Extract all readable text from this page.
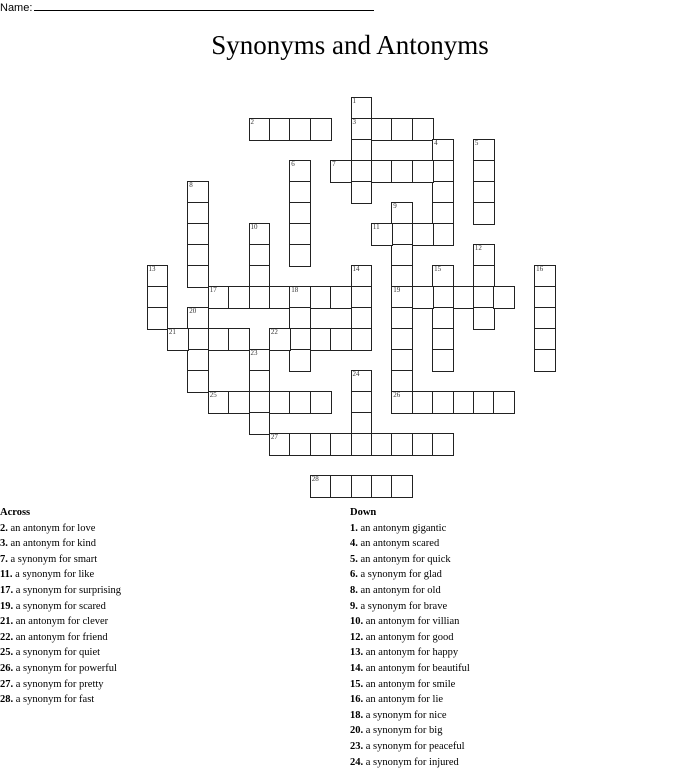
Name:
Synonyms and Antonyms
1
3
2
4	5
6	7
8
9
19
26
10	11
12
13	14	15	16
17	18
20
21	22
23
24
25
27
28
Across
2. an antonym for love
3. an antonym for kind
7. a synonym for smart
11. a synonym for like
17. a synonym for surprising
19. a synonym for scared
21. an antonym for clever
22. an antonym for friend
25. a synonym for quiet
26. a synonym for powerful
27. a synonym for pretty
28. a synonym for fast
Down
1. an antonym gigantic
4. an antonym scared
5. an antonym for quick
6. a synonym for glad
8. an antonym for old
9. a synonym for brave
10. an antonym for villian
12. an antonym for good
13. an antonym for happy
14. an antonym for beautiful
15. an antonym for smile
16. an antonym for lie
18. a synonym for nice
20. a synonym for big
23. a synonym for peaceful
24. a synonym for injured
